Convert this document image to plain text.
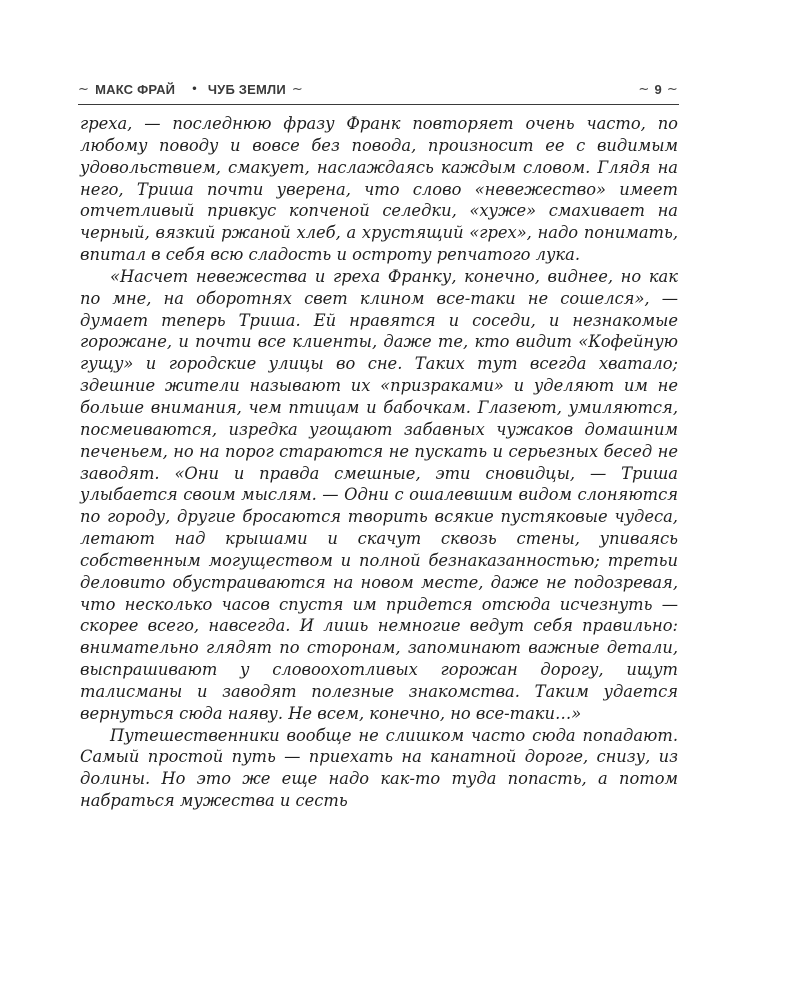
~ МАКС ФРАЙ • ЧУБ ЗЕМЛИ ~	~ 9 ~

греха, — последнюю фразу Франк повторяет очень часто, по любому поводу и вовсе без повода, произносит ее с видимым удовольствием, смакует, наслаждаясь каждым словом. Глядя на него, Триша почти уверена, что слово «невежество» имеет отчетливый привкус копченой селедки, «хуже» смахивает на черный, вязкий ржаной хлеб, а хрустящий «грех», надо понимать, впитал в себя всю сладость и остроту репчатого лука.

«Насчет невежества и греха Франку, конечно, виднее, но как по мне, на оборотнях свет клином все-таки не сошелся», — думает теперь Триша. Ей нравятся и соседи, и незнакомые горожане, и почти все клиенты, даже те, кто видит «Кофейную гущу» и городские улицы во сне. Таких тут всегда хватало; здешние жители называют их «призраками» и уделяют им не больше внимания, чем птицам и бабочкам. Глазеют, умиляются, посмеиваются, изредка угощают забавных чужаков домашним печеньем, но на порог стараются не пускать и серьезных бесед не заводят. «Они и правда смешные, эти сновидцы, — Триша улыбается своим мыслям. — Одни с ошалевшим видом слоняются по городу, другие бросаются творить всякие пустяковые чудеса, летают над крышами и скачут сквозь стены, упиваясь собственным могуществом и полной безнаказанностью; третьи деловито обустраиваются на новом месте, даже не подозревая, что несколько часов спустя им придется отсюда исчезнуть — скорее всего, навсегда. И лишь немногие ведут себя правильно: внимательно глядят по сторонам, запоминают важные детали, выспрашивают у словоохотливых горожан дорогу, ищут талисманы и заводят полезные знакомства. Таким удается вернуться сюда наяву. Не всем, конечно, но все-таки…»

Путешественники вообще не слишком часто сюда попадают. Самый простой путь — приехать на канатной дороге, снизу, из долины. Но это же еще надо как-то туда попасть, а потом набраться мужества и сесть
